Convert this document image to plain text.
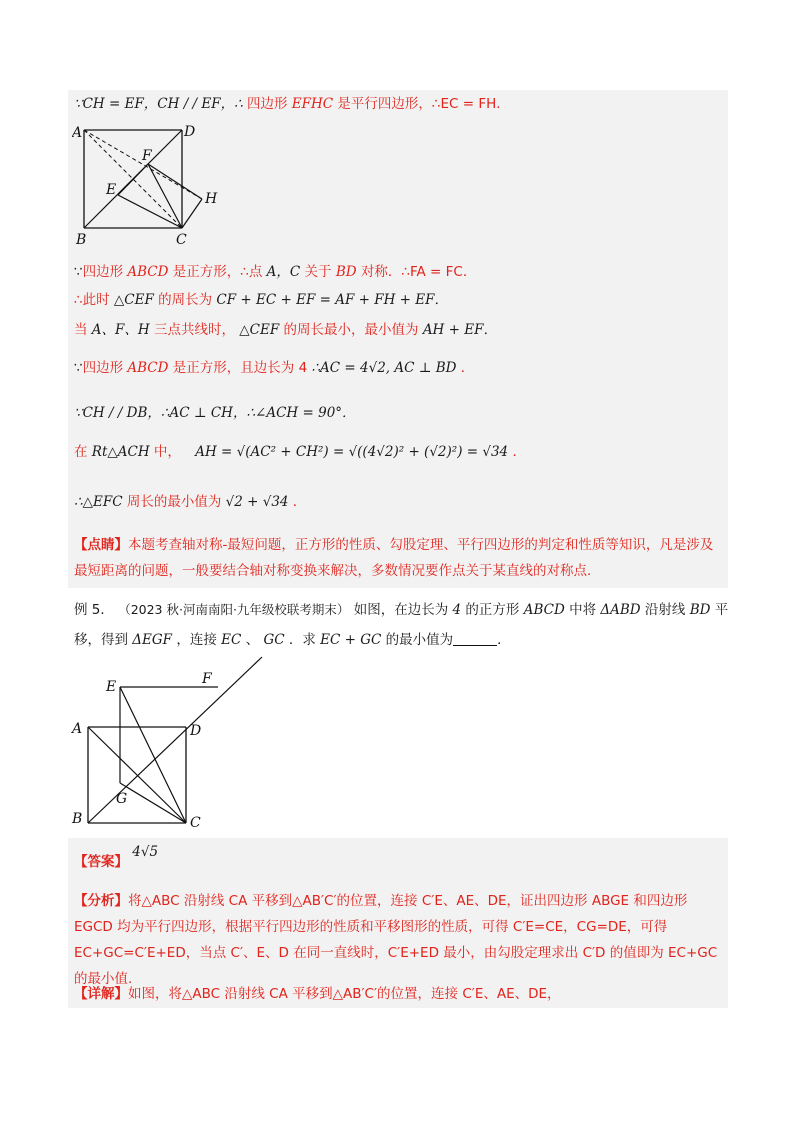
∵CH = EF，CH / / EF，∴ 四边形 EFHC 是平行四边形，∴EC = FH．
A	D
F
E
H
B	C
∵四边形 ABCD 是正方形，∴点 A，C 关于 BD 对称．∴FA = FC．
∴此时 △CEF 的周长为 CF + EC + EF = AF + FH + EF．
当 A、F、H 三点共线时， △CEF 的周长最小，最小值为 AH + EF．
∵四边形 ABCD 是正方形，且边长为 4 ∴AC = 4√2, AC ⊥ BD ．
∵CH / / DB，∴AC ⊥ CH，∴∠ACH = 90°．
在 Rt△ACH 中， AH = √(AC² + CH²) = √((4√2)² + (√2)²) = √34 ．
∴△EFC 周长的最小值为 √2 + √34 ．
【点睛】本题考查轴对称-最短问题，正方形的性质、勾股定理、平行四边形的判定和性质等知识，凡是涉及最短距离的问题，一般要结合轴对称变换来解决，多数情况要作点关于某直线的对称点.
例 5． （2023 秋·河南南阳·九年级校联考期末） 如图，在边长为 4 的正方形 ABCD 中将 ΔABD 沿射线 BD 平
移，得到 ΔEGF ，连接 EC 、 GC ．求 EC + GC 的最小值为	．
E	F
A	D
G
B	C
【答案】 4√5
【分析】将△ABC 沿射线 CA 平移到△AB′C′的位置，连接 C′E、AE、DE，证出四边形 ABGE 和四边形 EGCD 均为平行四边形，根据平行四边形的性质和平移图形的性质，可得 C′E=CE，CG=DE，可得 EC+GC=C′E+ED，当点 C′、E、D 在同一直线时，C′E+ED 最小，由勾股定理求出 C′D 的值即为 EC+GC 的最小值.
【详解】如图，将△ABC 沿射线 CA 平移到△AB′C′的位置，连接 C′E、AE、DE，
